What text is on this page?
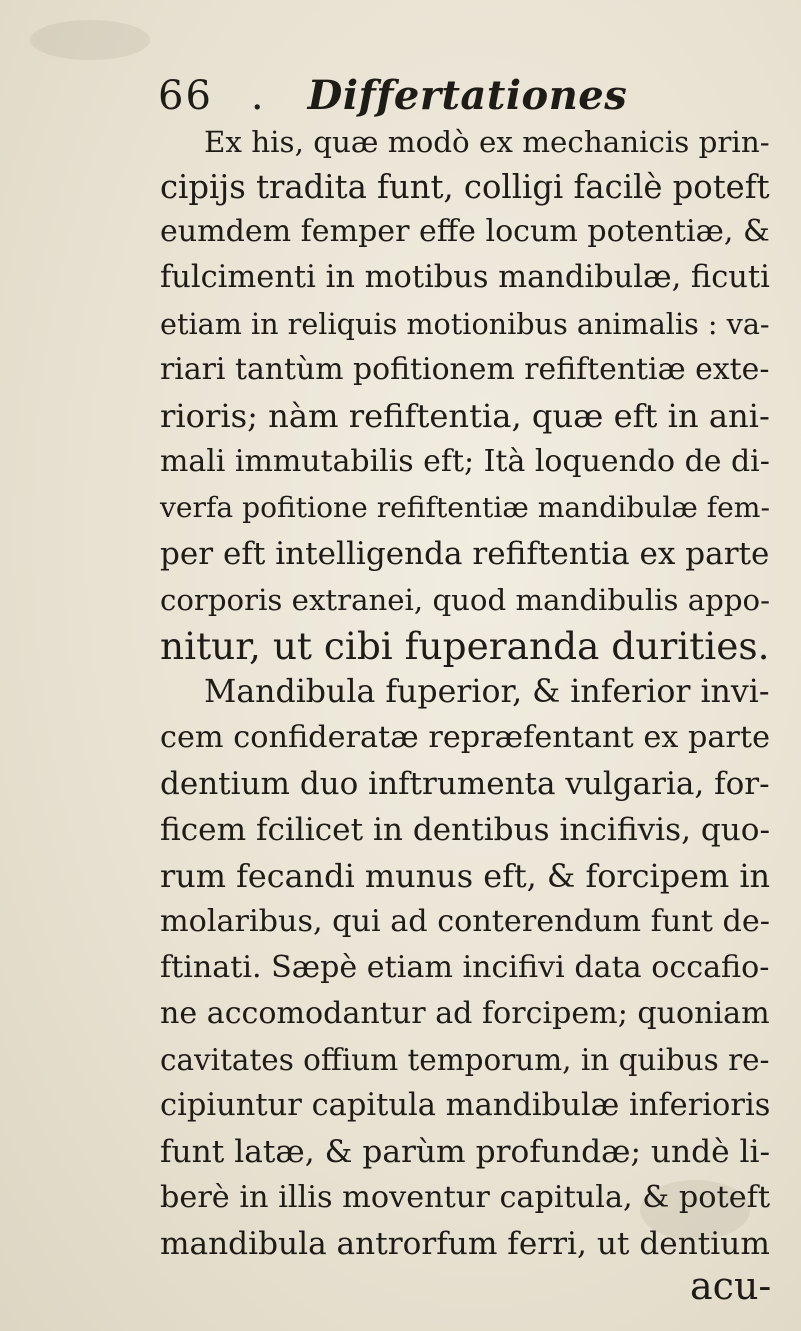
66 . Differtationes
Ex his, quæ modò ex mechanicis prin-
cipijs tradita funt, colligi facilè poteft
eumdem femper effe locum potentiæ, &
fulcimenti in motibus mandibulæ, ficuti
etiam in reliquis motionibus animalis : va-
riari tantùm pofitionem refiftentiæ exte-
rioris; nàm refiftentia, quæ eft in ani-
mali immutabilis eft; Ità loquendo de di-
verfa pofitione refiftentiæ mandibulæ fem-
per eft intelligenda refiftentia ex parte
corporis extranei, quod mandibulis appo-
nitur, ut cibi fuperanda durities.
Mandibula fuperior, & inferior invi-
cem confideratæ repræfentant ex parte
dentium duo inftrumenta vulgaria, for-
ficem fcilicet in dentibus incifivis, quo-
rum fecandi munus eft, & forcipem in
molaribus, qui ad conterendum funt de-
ftinati. Sæpè etiam incifivi data occafio-
ne accomodantur ad forcipem; quoniam
cavitates offium temporum, in quibus re-
cipiuntur capitula mandibulæ inferioris
funt latæ, & parùm profundæ; undè li-
berè in illis moventur capitula, & poteft
mandibula antrorfum ferri, ut dentium
acu-
